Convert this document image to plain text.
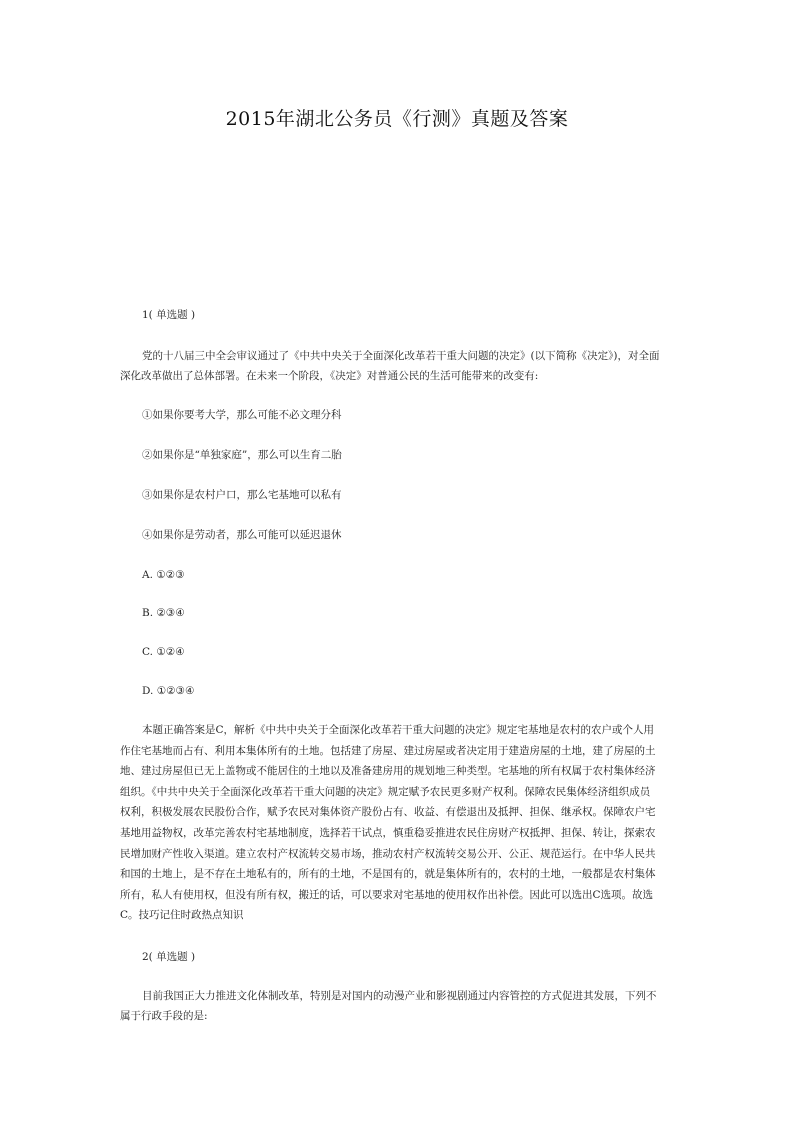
2015年湖北公务员《行测》真题及答案

1( 单选题 )

党的十八届三中全会审议通过了《中共中央关于全面深化改革若干重大问题的决定》(以下简称《决定》)，对全面深化改革做出了总体部署。在未来一个阶段，《决定》对普通公民的生活可能带来的改变有:

①如果你要考大学，那么可能不必文理分科

②如果你是“单独家庭”，那么可以生育二胎

③如果你是农村户口，那么宅基地可以私有

④如果你是劳动者，那么可能可以延迟退休

A. ①②③

B. ②③④

C. ①②④

D. ①②③④

本题正确答案是C，解析《中共中央关于全面深化改革若干重大问题的决定》规定宅基地是农村的农户或个人用作住宅基地而占有、利用本集体所有的土地。包括建了房屋、建过房屋或者决定用于建造房屋的土地，建了房屋的土地、建过房屋但已无上盖物或不能居住的土地以及准备建房用的规划地三种类型。宅基地的所有权属于农村集体经济组织。《中共中央关于全面深化改革若干重大问题的决定》规定赋予农民更多财产权利。保障农民集体经济组织成员权利，积极发展农民股份合作，赋予农民对集体资产股份占有、收益、有偿退出及抵押、担保、继承权。保障农户宅基地用益物权，改革完善农村宅基地制度，选择若干试点，慎重稳妥推进农民住房财产权抵押、担保、转让，探索农民增加财产性收入渠道。建立农村产权流转交易市场，推动农村产权流转交易公开、公正、规范运行。在中华人民共和国的土地上，是不存在土地私有的，所有的土地，不是国有的，就是集体所有的，农村的土地，一般都是农村集体所有，私人有使用权，但没有所有权，搬迁的话，可以要求对宅基地的使用权作出补偿。因此可以选出C选项。故选C。技巧记住时政热点知识

2( 单选题 )

目前我国正大力推进文化体制改革，特别是对国内的动漫产业和影视剧通过内容管控的方式促进其发展，下列不属于行政手段的是:
